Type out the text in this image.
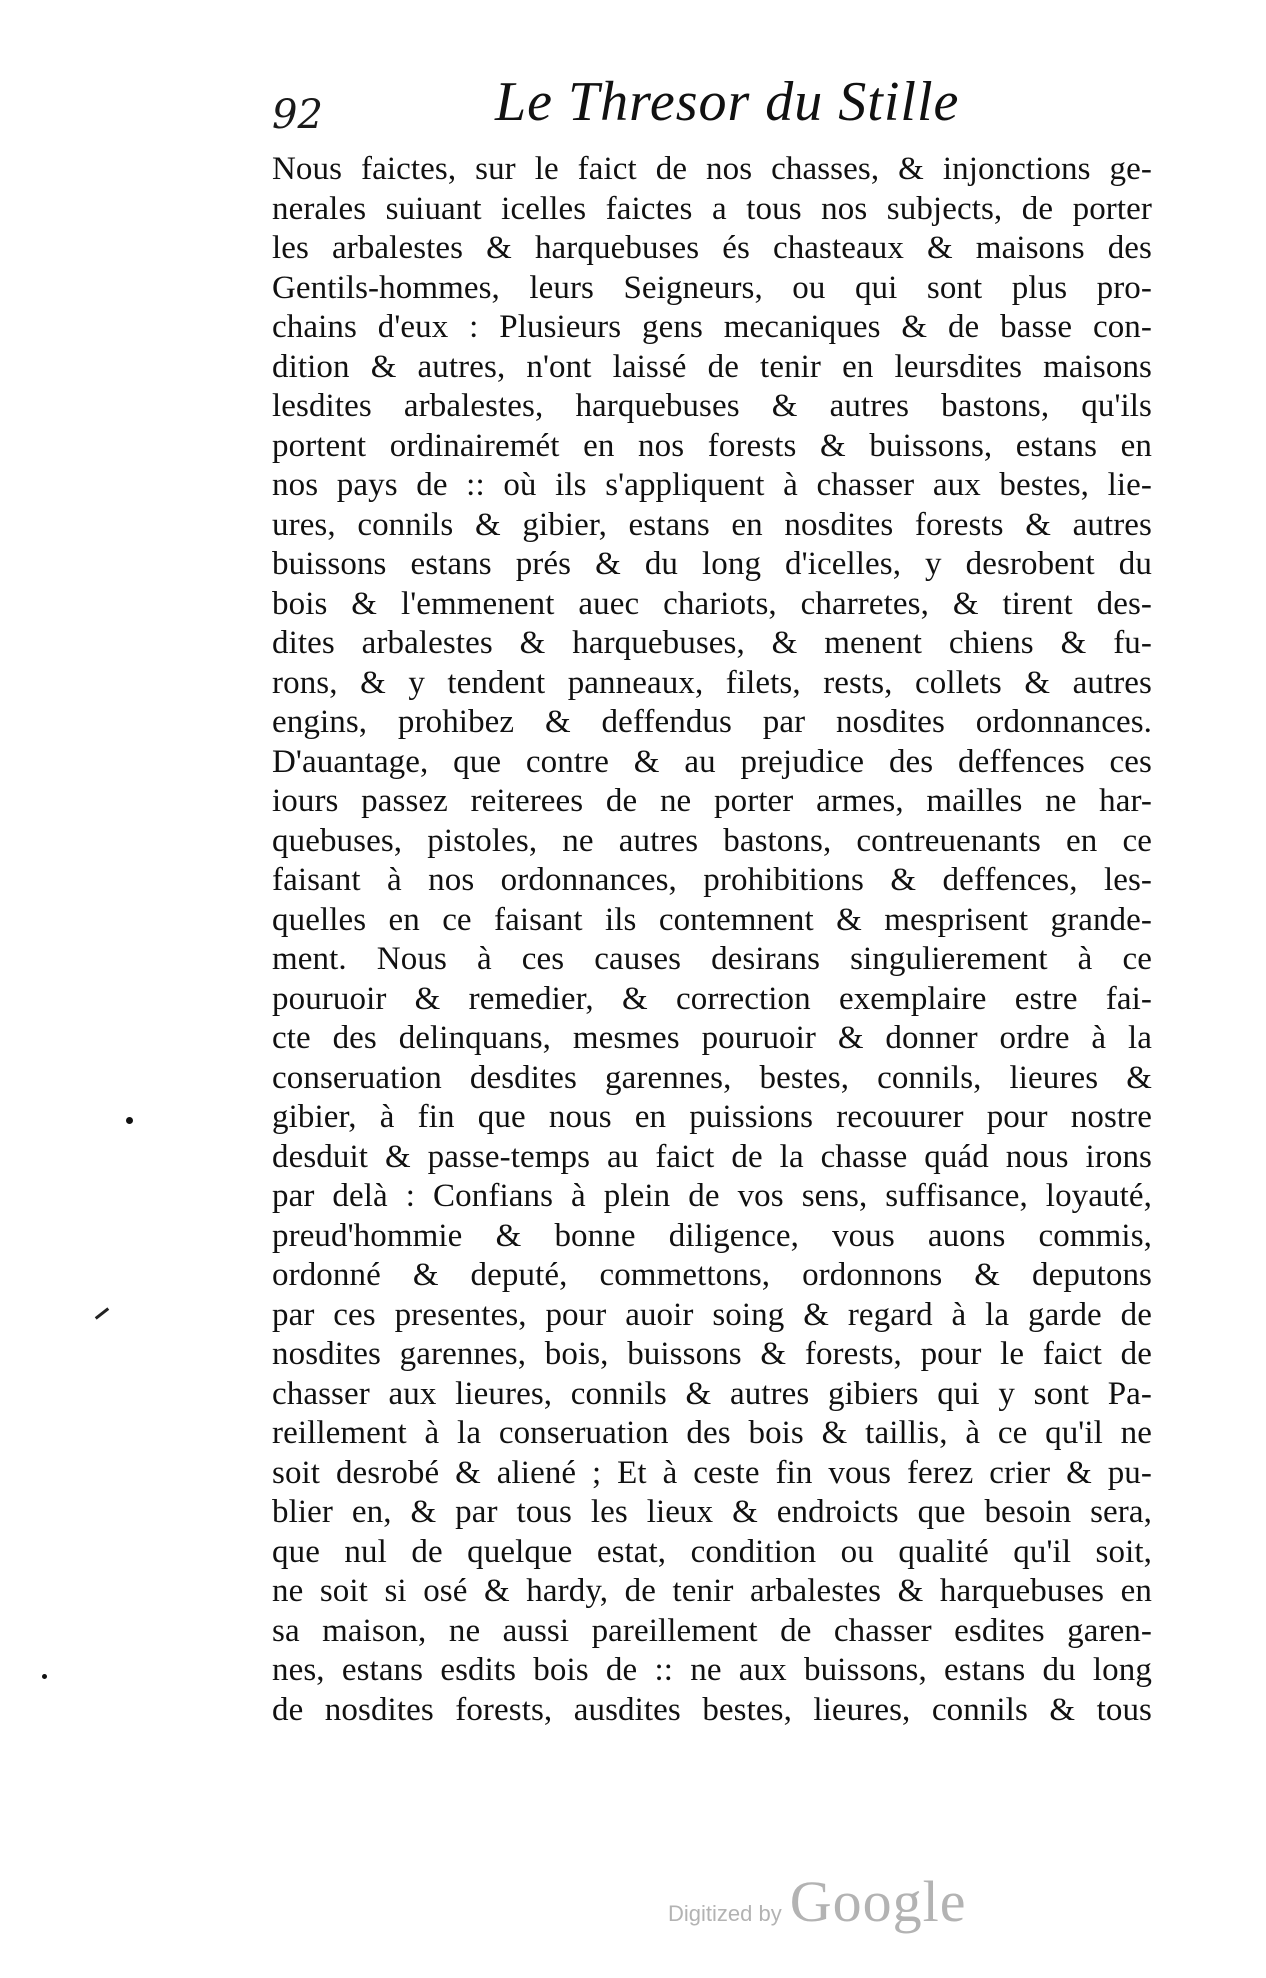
92	Le Thresor du Stille
Nous faictes, sur le faict de nos chasses, & injonctions ge-
nerales suiuant icelles faictes a tous nos subjects, de porter
les arbalestes & harquebuses és chasteaux & maisons des
Gentils-hommes, leurs Seigneurs, ou qui sont plus pro-
chains d'eux : Plusieurs gens mecaniques & de basse con-
dition & autres, n'ont laissé de tenir en leursdites maisons
lesdites arbalestes, harquebuses & autres bastons, qu'ils
portent ordinairemét en nos forests & buissons, estans en
nos pays de :: où ils s'appliquent à chasser aux bestes, lie-
ures, connils & gibier, estans en nosdites forests & autres
buissons estans prés & du long d'icelles, y desrobent du
bois & l'emmenent auec chariots, charretes, & tirent des-
dites arbalestes & harquebuses, & menent chiens & fu-
rons, & y tendent panneaux, filets, rests, collets & autres
engins, prohibez & deffendus par nosdites ordonnances.
D'auantage, que contre & au prejudice des deffences ces
iours passez reiterees de ne porter armes, mailles ne har-
quebuses, pistoles, ne autres bastons, contreuenants en ce
faisant à nos ordonnances, prohibitions & deffences, les-
quelles en ce faisant ils contemnent & mesprisent grande-
ment. Nous à ces causes desirans singulierement à ce
pouruoir & remedier, & correction exemplaire estre fai-
cte des delinquans, mesmes pouruoir & donner ordre à la
conseruation desdites garennes, bestes, connils, lieures &
gibier, à fin que nous en puissions recouurer pour nostre
desduit & passe-temps au faict de la chasse quád nous irons
par delà : Confians à plein de vos sens, suffisance, loyauté,
preud'hommie & bonne diligence, vous auons commis,
ordonné & deputé, commettons, ordonnons & deputons
par ces presentes, pour auoir soing & regard à la garde de
nosdites garennes, bois, buissons & forests, pour le faict de
chasser aux lieures, connils & autres gibiers qui y sont Pa-
reillement à la conseruation des bois & taillis, à ce qu'il ne
soit desrobé & aliené ; Et à ceste fin vous ferez crier & pu-
blier en, & par tous les lieux & endroicts que besoin sera,
que nul de quelque estat, condition ou qualité qu'il soit,
ne soit si osé & hardy, de tenir arbalestes & harquebuses en
sa maison, ne aussi pareillement de chasser esdites garen-
nes, estans esdits bois de :: ne aux buissons, estans du long
de nosdites forests, ausdites bestes, lieures, connils & tous
Digitized by Google
